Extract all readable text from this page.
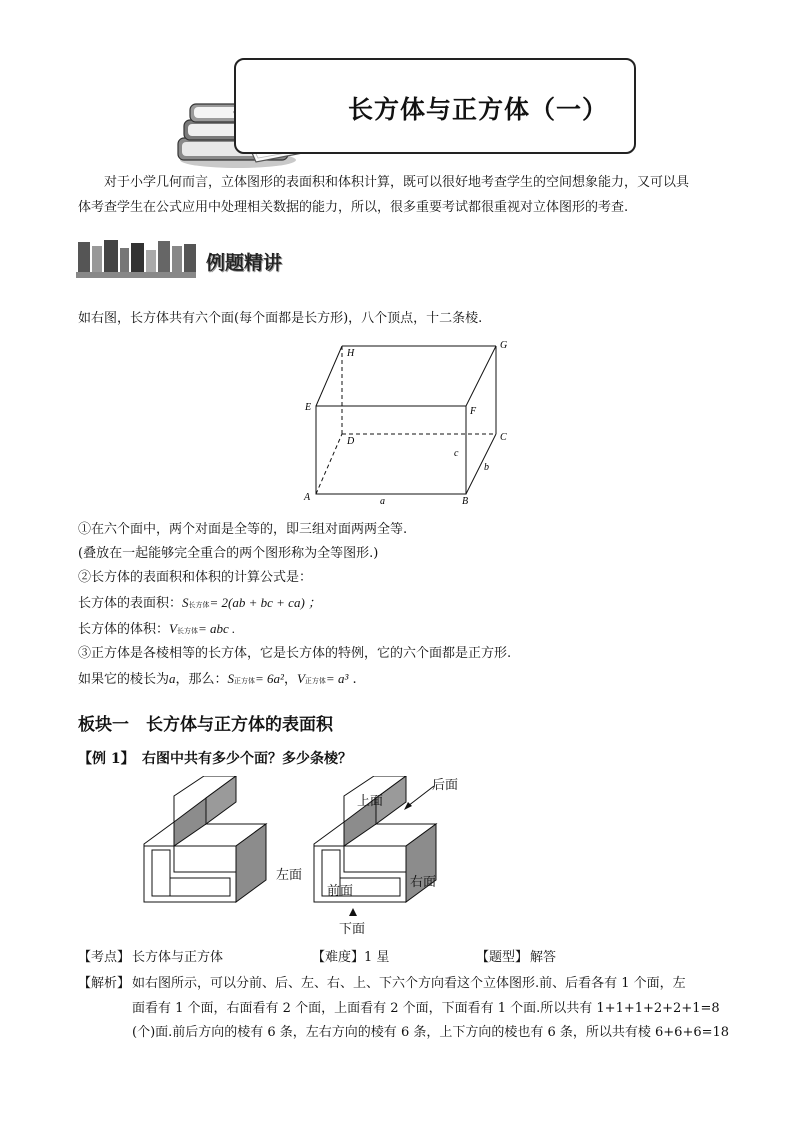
长方体与正方体（一）
对于小学几何而言，立体图形的表面积和体积计算，既可以很好地考查学生的空间想象能力，又可以具
体考查学生在公式应用中处理相关数据的能力，所以，很多重要考试都很重视对立体图形的考查.
例题精讲
如右图，长方体共有六个面(每个面都是长方形)，八个顶点，十二条棱.
H
G
E	F
D	C
A	B
a
b
c
①在六个面中，两个对面是全等的，即三组对面两两全等.
(叠放在一起能够完全重合的两个图形称为全等图形.)
②长方体的表面积和体积的计算公式是：
长方体的表面积：S长方体= 2(ab + bc + ca) ；
长方体的体积：V长方体= abc .
③正方体是各棱相等的长方体，它是长方体的特例，它的六个面都是正方形.
如果它的棱长为a，那么：S正方体= 6a²，V正方体= a³ .
板块一　长方体与正方体的表面积
【例 1】 右图中共有多少个面？多少条棱？
上面
后面
左面
前面
右面
下面
【考点】 长方体与正方体	【难度】 1 星	【题型】 解答
【解析】 如右图所示，可以分前、后、左、右、上、下六个方向看这个立体图形.前、后看各有 1 个面，左
面看有 1 个面，右面看有 2 个面，上面看有 2 个面，下面看有 1 个面.所以共有 1+1+1+2+2+1=8
(个)面.前后方向的棱有 6 条，左右方向的棱有 6 条，上下方向的棱也有 6 条，所以共有棱 6+6+6=18
